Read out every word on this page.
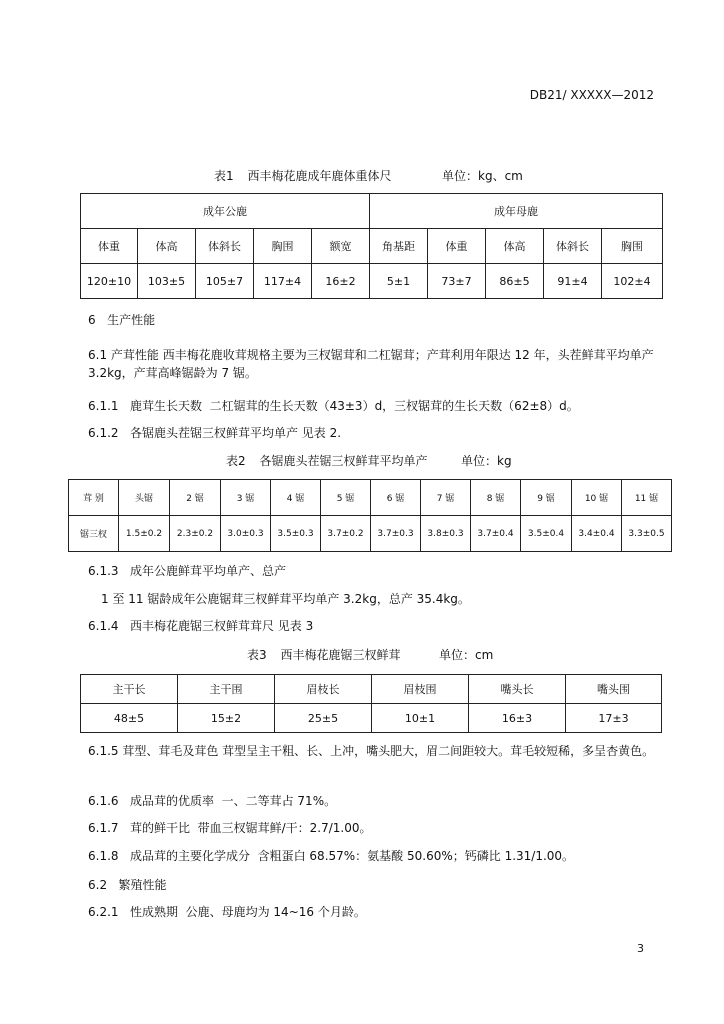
DB21/ XXXXX—2012
表1 西丰梅花鹿成年鹿体重体尺	单位：kg、cm
成年公鹿					成年母鹿				
体重	体高	体斜长	胸围	额宽	角基距	体重	体高	体斜长	胸围
120±10	103±5	105±7	117±4	16±2	5±1	73±7	86±5	91±4	102±4
6   生产性能
6.1 产茸性能 西丰梅花鹿收茸规格主要为三杈锯茸和二杠锯茸；产茸利用年限达 12 年，头茬鲜茸平均单产 3.2kg，产茸高峰锯龄为 7 锯。
6.1.1   鹿茸生长天数  二杠锯茸的生长天数（43±3）d，三杈锯茸的生长天数（62±8）d。
6.1.2   各锯鹿头茬锯三杈鲜茸平均单产 见表 2.
表2 各锯鹿头茬锯三杈鲜茸平均单产	单位：kg
茸 别	头锯	2 锯	3 锯	4 锯	5 锯	6 锯	7 锯	8 锯	9 锯	10 锯	11 锯
锯三杈	1.5±0.2	2.3±0.2	3.0±0.3	3.5±0.3	3.7±0.2	3.7±0.3	3.8±0.3	3.7±0.4	3.5±0.4	3.4±0.4	3.3±0.5
6.1.3   成年公鹿鲜茸平均单产、总产
1 至 11 锯龄成年公鹿锯茸三杈鲜茸平均单产 3.2kg，总产 35.4kg。
6.1.4   西丰梅花鹿锯三杈鲜茸茸尺 见表 3
表3 西丰梅花鹿锯三杈鲜茸	单位：cm
主干长	主干围	眉枝长	眉枝围	嘴头长	嘴头围
48±5	15±2	25±5	10±1	16±3	17±3
6.1.5 茸型、茸毛及茸色 茸型呈主干粗、长、上冲，嘴头肥大，眉二间距较大。茸毛较短稀，多呈杏黄色。
6.1.6   成品茸的优质率  一、二等茸占 71%。
6.1.7   茸的鲜干比  带血三杈锯茸鲜/干：2.7/1.00。
6.1.8   成品茸的主要化学成分  含粗蛋白 68.57%：氨基酸 50.60%；钙磷比 1.31/1.00。
6.2   繁殖性能
6.2.1   性成熟期  公鹿、母鹿均为 14~16 个月龄。
3
